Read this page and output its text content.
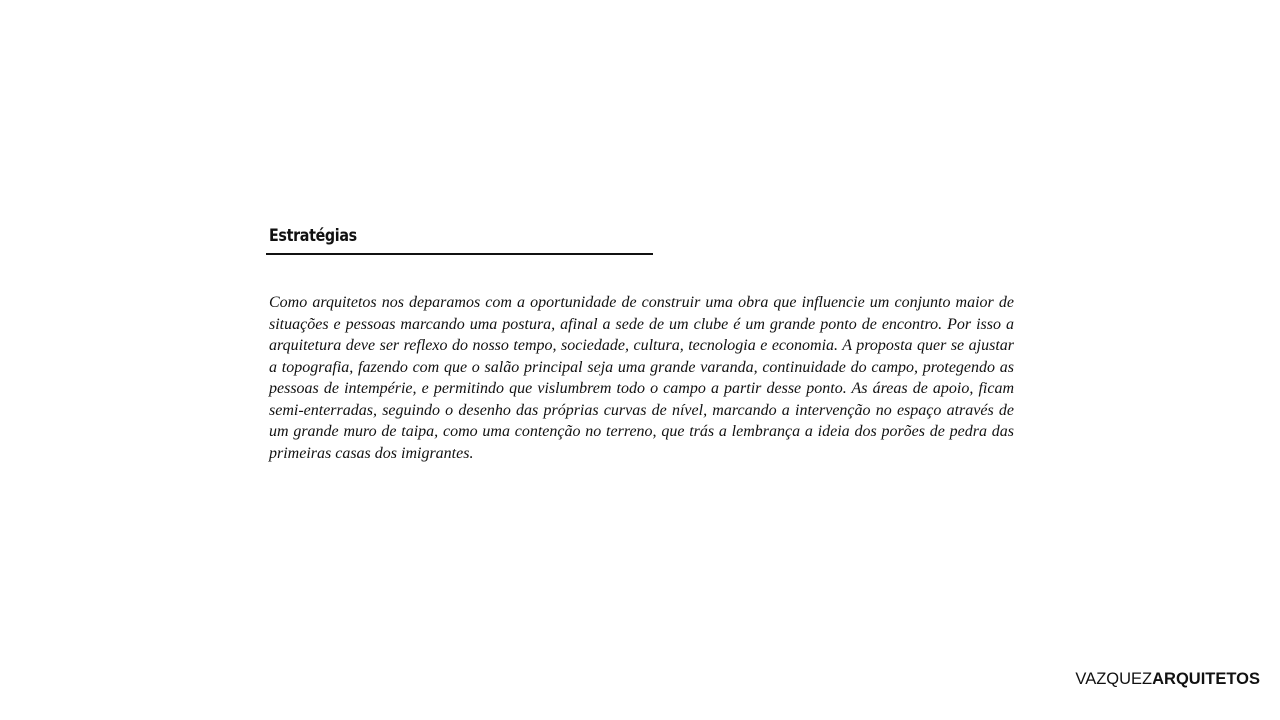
Estratégias

Como arquitetos nos deparamos com a oportunidade de construir uma obra que influencie um conjunto maior de situações e pessoas marcando uma postura, afinal a sede de um clube é um grande ponto de encontro. Por isso a arquitetura deve ser reflexo do nosso tempo, sociedade, cultura, tecnologia e economia. A proposta quer se ajustar a topografia, fazendo com que o salão principal seja uma grande varanda, continuidade do campo, protegendo as pessoas de intempérie, e permitindo que vislumbrem todo o campo a partir desse ponto. As áreas de apoio, ficam semi-enterradas, seguindo o desenho das próprias curvas de nível, marcando a intervenção no espaço através de um grande muro de taipa, como uma contenção no terreno, que trás a lembrança a ideia dos porões de pedra das primeiras casas dos imigrantes.

VAZQUEZARQUITETOS
